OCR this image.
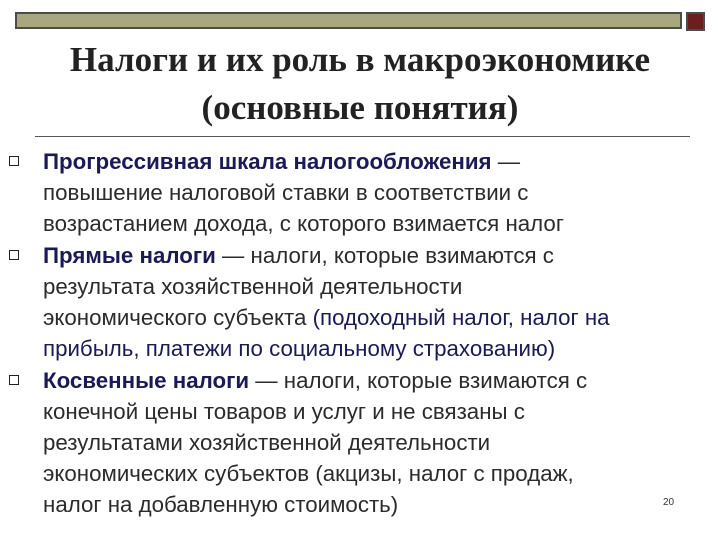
Налоги и их роль в макроэкономике
(основные понятия)
Прогрессивная шкала налогообложения —
повышение налоговой ставки в соответствии с
возрастанием дохода, с которого взимается налог
Прямые налоги — налоги, которые взимаются с
результата хозяйственной деятельности
экономического субъекта (подоходный налог, налог на
прибыль, платежи по социальному страхованию)
Косвенные налоги — налоги, которые взимаются с
конечной цены товаров и услуг и не связаны с
результатами хозяйственной деятельности
экономических субъектов (акцизы, налог с продаж,
налог на добавленную стоимость)	20
